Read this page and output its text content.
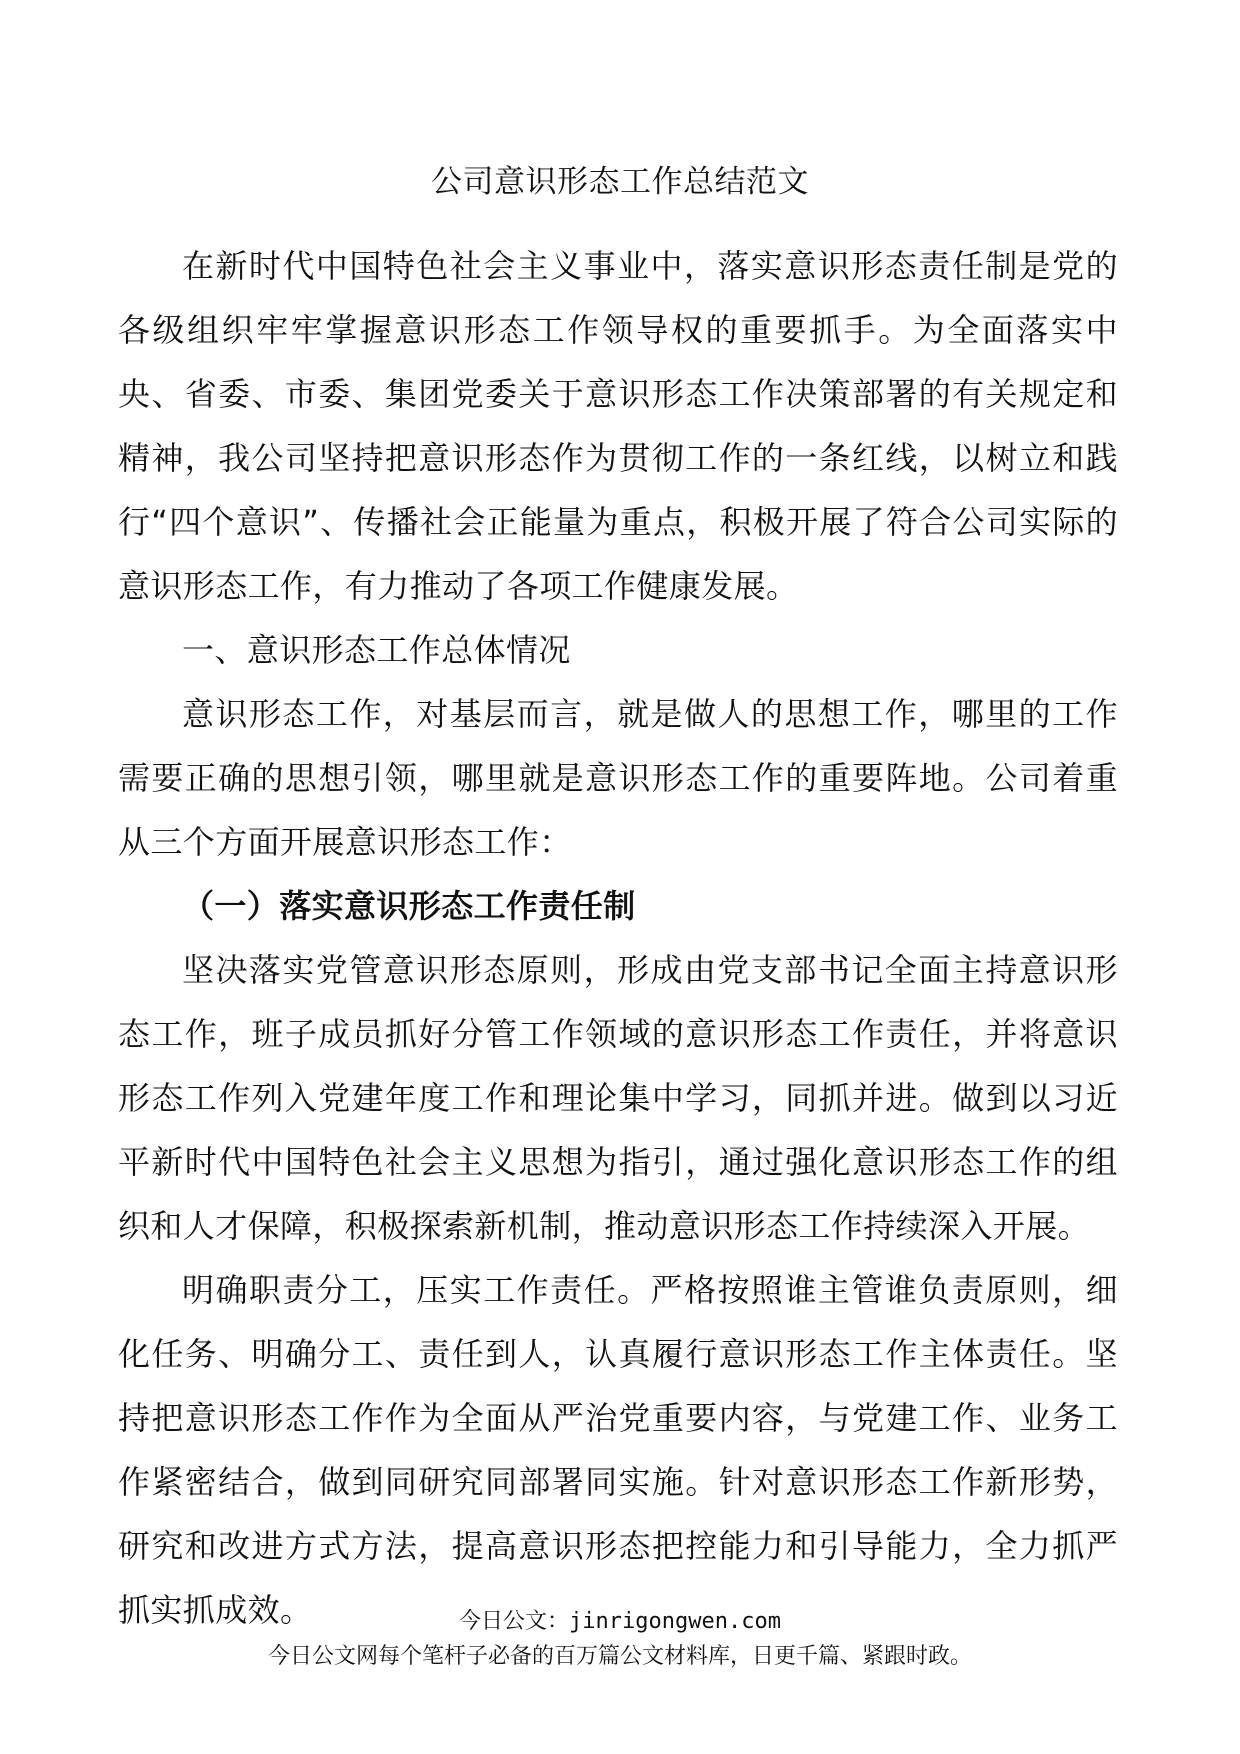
公司意识形态工作总结范文

在新时代中国特色社会主义事业中，落实意识形态责任制是党的各级组织牢牢掌握意识形态工作领导权的重要抓手。为全面落实中央、省委、市委、集团党委关于意识形态工作决策部署的有关规定和精神，我公司坚持把意识形态作为贯彻工作的一条红线，以树立和践行“四个意识”、传播社会正能量为重点，积极开展了符合公司实际的意识形态工作，有力推动了各项工作健康发展。

一、意识形态工作总体情况

意识形态工作，对基层而言，就是做人的思想工作，哪里的工作需要正确的思想引领，哪里就是意识形态工作的重要阵地。公司着重从三个方面开展意识形态工作：

（一）落实意识形态工作责任制

坚决落实党管意识形态原则，形成由党支部书记全面主持意识形态工作，班子成员抓好分管工作领域的意识形态工作责任，并将意识形态工作列入党建年度工作和理论集中学习，同抓并进。做到以习近平新时代中国特色社会主义思想为指引，通过强化意识形态工作的组织和人才保障，积极探索新机制，推动意识形态工作持续深入开展。

明确职责分工，压实工作责任。严格按照谁主管谁负责原则，细化任务、明确分工、责任到人，认真履行意识形态工作主体责任。坚持把意识形态工作作为全面从严治党重要内容，与党建工作、业务工作紧密结合，做到同研究同部署同实施。针对意识形态工作新形势，研究和改进方式方法，提高意识形态把控能力和引导能力，全力抓严抓实抓成效。	今日公文：jinrigongwen.com
今日公文网每个笔杆子必备的百万篇公文材料库，日更千篇、紧跟时政。
